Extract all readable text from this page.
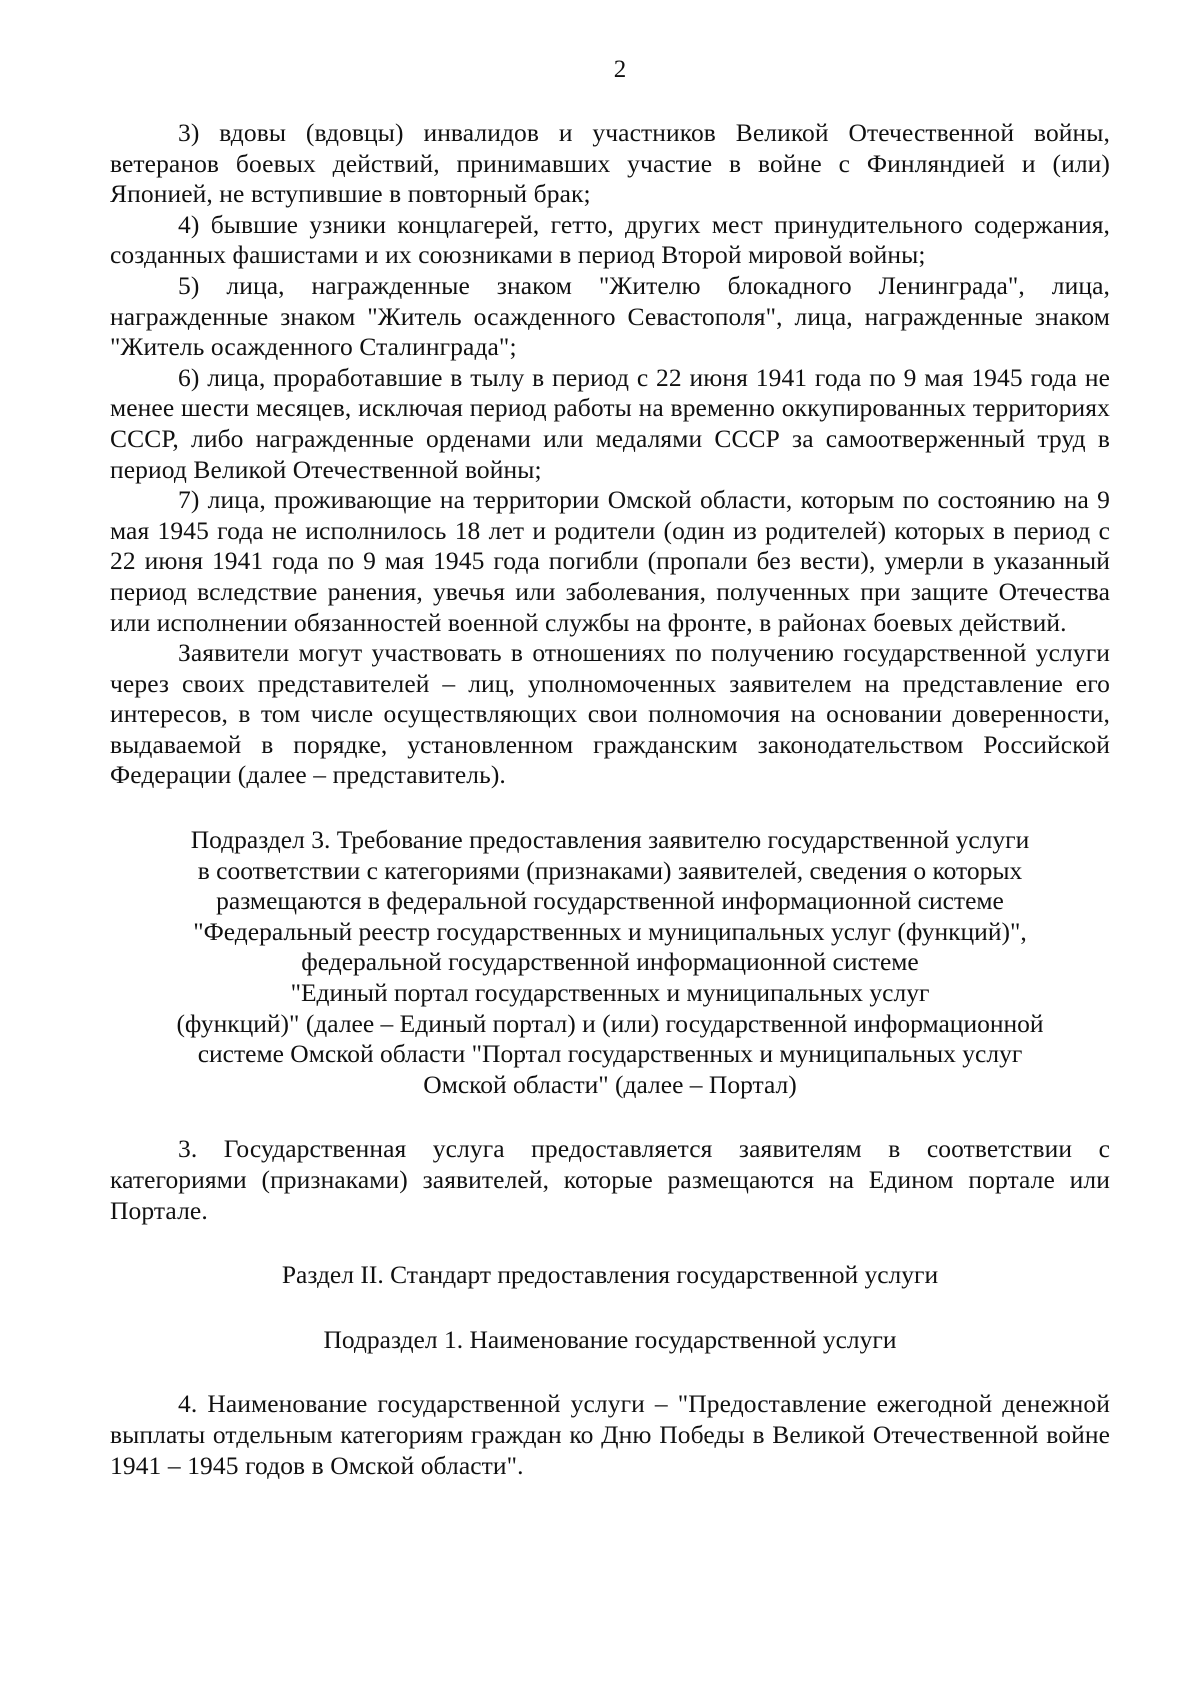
2

3) вдовы (вдовцы) инвалидов и участников Великой Отечественной войны, ветеранов боевых действий, принимавших участие в войне с Финляндией и (или) Японией, не вступившие в повторный брак;

4) бывшие узники концлагерей, гетто, других мест принудительного содержания, созданных фашистами и их союзниками в период Второй мировой войны;

5) лица, награжденные знаком "Жителю блокадного Ленинграда", лица, награжденные знаком "Житель осажденного Севастополя", лица, награжденные знаком "Житель осажденного Сталинграда";

6) лица, проработавшие в тылу в период с 22 июня 1941 года по 9 мая 1945 года не менее шести месяцев, исключая период работы на временно оккупированных территориях СССР, либо награжденные орденами или медалями СССР за самоотверженный труд в период Великой Отечественной войны;

7) лица, проживающие на территории Омской области, которым по состоянию на 9 мая 1945 года не исполнилось 18 лет и родители (один из родителей) которых в период с 22 июня 1941 года по 9 мая 1945 года погибли (пропали без вести), умерли в указанный период вследствие ранения, увечья или заболевания, полученных при защите Отечества или исполнении обязанностей военной службы на фронте, в районах боевых действий.

Заявители могут участвовать в отношениях по получению государственной услуги через своих представителей – лиц, уполномоченных заявителем на представление его интересов, в том числе осуществляющих свои полномочия на основании доверенности, выдаваемой в порядке, установленном гражданским законодательством Российской Федерации (далее – представитель).

Подраздел 3. Требование предоставления заявителю государственной услуги
в соответствии с категориями (признаками) заявителей, сведения о которых
размещаются в федеральной государственной информационной системе
"Федеральный реестр государственных и муниципальных услуг (функций)",
федеральной государственной информационной системе
"Единый портал государственных и муниципальных услуг
(функций)" (далее – Единый портал) и (или) государственной информационной
системе Омской области "Портал государственных и муниципальных услуг
Омской области" (далее – Портал)

3. Государственная услуга предоставляется заявителям в соответствии с категориями (признаками) заявителей, которые размещаются на Едином портале или Портале.

Раздел II. Стандарт предоставления государственной услуги
Подраздел 1. Наименование государственной услуги

4. Наименование государственной услуги – "Предоставление ежегодной денежной выплаты отдельным категориям граждан ко Дню Победы в Великой Отечественной войне 1941 – 1945 годов в Омской области".
